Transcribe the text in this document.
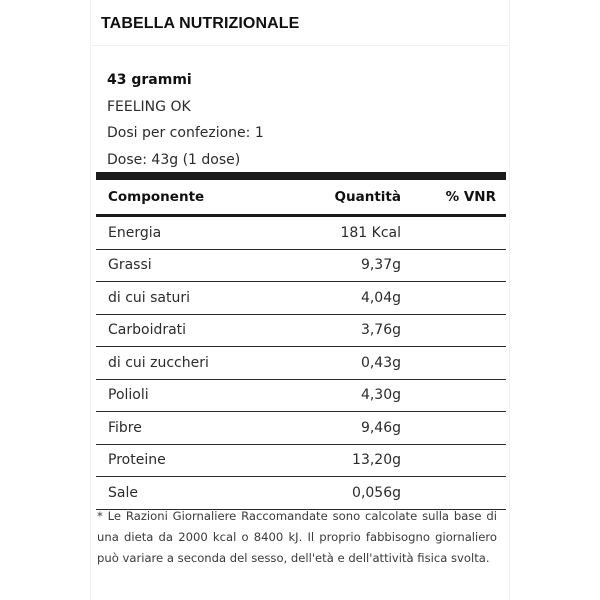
TABELLA NUTRIZIONALE
43 grammi
FEELING OK
Dosi per confezione: 1
Dose: 43g (1 dose)
Componente	Quantità	% VNR
Energia	181 Kcal
Grassi	9,37g
di cui saturi	4,04g
Carboidrati	3,76g
di cui zuccheri	0,43g
Polioli	4,30g
Fibre	9,46g
Proteine	13,20g
Sale	0,056g
* Le Razioni Giornaliere Raccomandate sono calcolate sulla base di una dieta da 2000 kcal o 8400 kJ. Il proprio fabbisogno giornaliero può variare a seconda del sesso, dell'età e dell'attività fisica svolta.
